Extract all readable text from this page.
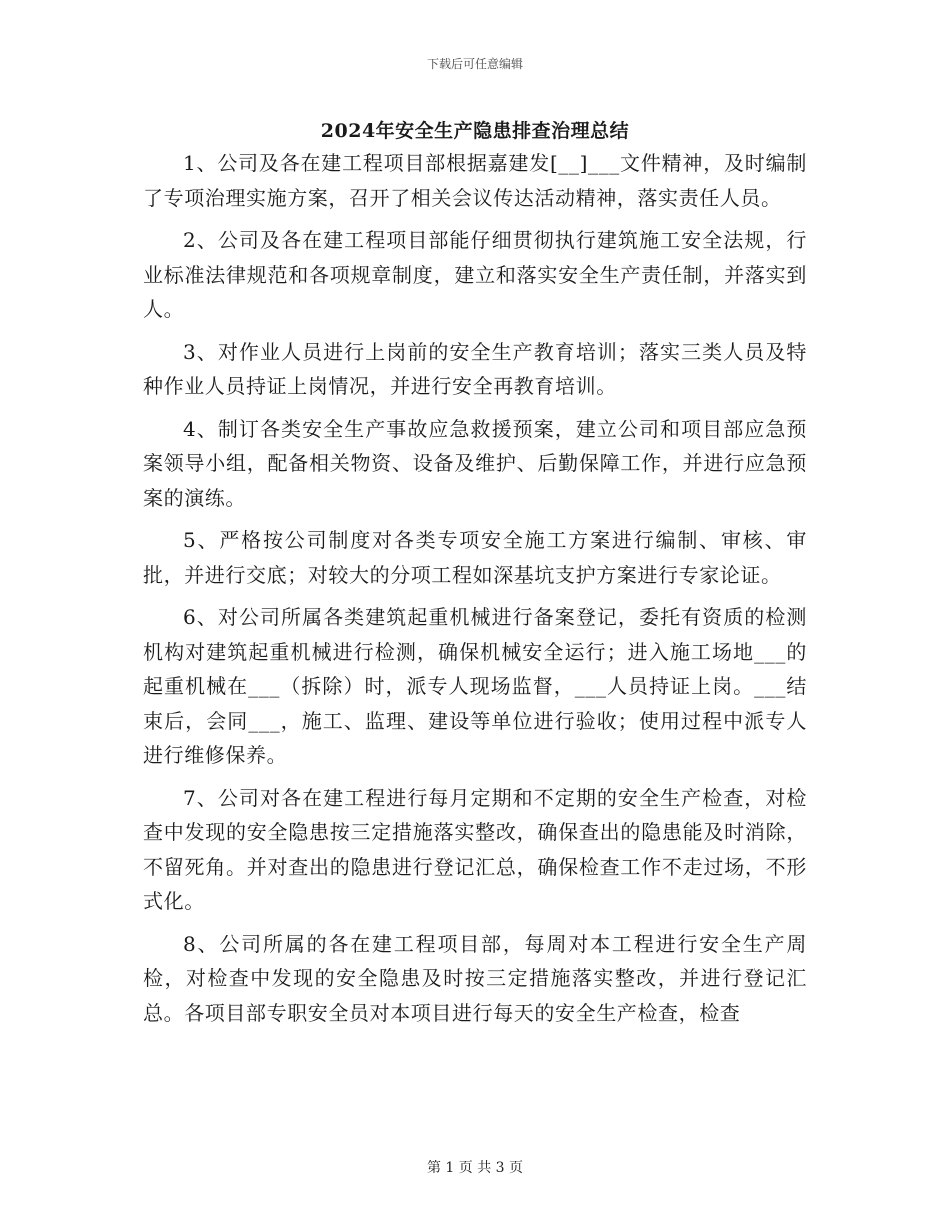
下载后可任意编辑
2024年安全生产隐患排查治理总结

1、公司及各在建工程项目部根据嘉建发[__]___文件精神，及时编制了专项治理实施方案，召开了相关会议传达活动精神，落实责任人员。

2、公司及各在建工程项目部能仔细贯彻执行建筑施工安全法规，行业标准法律规范和各项规章制度，建立和落实安全生产责任制，并落实到人。

3、对作业人员进行上岗前的安全生产教育培训；落实三类人员及特种作业人员持证上岗情况，并进行安全再教育培训。

4、制订各类安全生产事故应急救援预案，建立公司和项目部应急预案领导小组，配备相关物资、设备及维护、后勤保障工作，并进行应急预案的演练。

5、严格按公司制度对各类专项安全施工方案进行编制、审核、审批，并进行交底；对较大的分项工程如深基坑支护方案进行专家论证。

6、对公司所属各类建筑起重机械进行备案登记，委托有资质的检测机构对建筑起重机械进行检测，确保机械安全运行；进入施工场地___的起重机械在___（拆除）时，派专人现场监督，___人员持证上岗。___结束后，会同___，施工、监理、建设等单位进行验收；使用过程中派专人进行维修保养。

7、公司对各在建工程进行每月定期和不定期的安全生产检查，对检查中发现的安全隐患按三定措施落实整改，确保查出的隐患能及时消除，不留死角。并对查出的隐患进行登记汇总，确保检查工作不走过场，不形式化。

8、公司所属的各在建工程项目部，每周对本工程进行安全生产周检，对检查中发现的安全隐患及时按三定措施落实整改，并进行登记汇总。各项目部专职安全员对本项目进行每天的安全生产检查，检查

第 1 页 共 3 页
